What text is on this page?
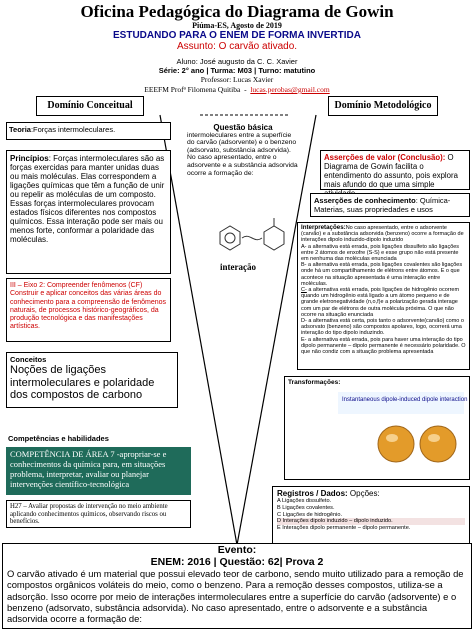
Oficina Pedagógica do Diagrama de Gowin
Piúma-ES, Agosto de 2019
ESTUDANDO PARA O ENEM DE FORMA INVERTIDA
Assunto: O carvão ativado.
Aluno: José augusto da C. C. Xavier
Série: 2° ano | Turma: M03 | Turno: matutino
Professor: Lucas Xavier
EEEFM Profª Filomena Quitiba  -  lucas.perobas@gmail.com
Domínio Conceitual	Domínio Metodológico
Teoria:Forças intermoleculares.
Princípios: Forças intermoleculares são as forças exercidas para manter unidas duas ou mais moléculas. Elas correspondem a ligações químicas que têm a função de unir ou repelir as moléculas de um composto. Essas forças intermoleculares provocam estados físicos diferentes nos compostos químicos. Essa interação pode ser mais ou menos forte, conformar a polaridade das moléculas.
III – Eixo 2: Compreender fenômenos (CF)
Construir e aplicar conceitos das várias áreas do conhecimento para a compreensão de fenômenos naturais, de processos histórico-geográficos, da produção tecnológica e das manifestações artísticas.
Conceitos
Noções de ligações intermoleculares e polaridade dos compostos de carbono
Competências e habilidades
COMPETÊNCIA DE ÁREA 7 -apropriar-se e conhecimentos da química para, em situações problema, interpretar, avaliar ou planejar intervenções científico-tecnológica
H27 – Avaliar propostas de intervenção no meio ambiente aplicando conhecimentos químicos, observando riscos ou benefícios.
Questão básica
intermoleculares entre a superfície do carvão (adsorvente) e o benzeno (adsorvato, substância adsorvida). No caso apresentado, entre o adsorvente e a substância adsorvida ocorre a formação de:
interação
Asserções de valor (Conclusão): O Diagrama de Gowin facilita o entendimento do assunto, pois explora mais afundo do que uma simple
Asserções de conhecimento: Química-Materias, suas propriedades e usos
Interpretações:No caso apresentado, entre o adsorvente (carvão) e a substância adsorvida (benzeno) ocorre a formação de interações dipolo induzido-dipolo induzido
A- a alternativa está errada, pois ligações dissulfeto são ligações entre 2 átomos de enxofre (S-S) e esse grupo não está presente em nenhuma das moléculas enunciada
B- a alternativa está errada, pois ligações covalentes são ligações onde há um compartilhamento de elétrons entre átomos. E o que acontece na situação apresentada é uma interação entre moléculas.
C- a alternativa está errada, pois ligações de hidrogênio ocorrem quando um hidrogênio está ligado a um átomo pequeno e de grande eletronegatividade (n,o,f)e a polarização gerada interage com um par de elétrons de outra molécula próxima. O que não ocorre na situação enunciada
D- a alternativa está certa, pois tanto o adsorvente(carvão) como o adsorvato (benzeno) são compostos apolares, logo, ocorrerá uma interação do tipo dipolo induzindo.
E- a alternativa está errada, pois para haver uma interação do tipo dipolo permanente – dipolo permanente é necessário polaridade. O que não condiz com a situação problema apresentada
Transformações:
Instantaneous dipole-induced dipole interaction
Registros / Dados: Opções:
A Ligações dissulfeto.
B Ligações covalentes.
C Ligações de hidrogênio.
D Interações dipolo induzido – dipolo induzido.
E Interações dipolo permanente – dipolo permanente.
Evento:
ENEM: 2016 | Questão: 62| Prova 2
O carvão ativado é um material que possui elevado teor de carbono, sendo muito utilizado para a remoção de compostos orgânicos voláteis do meio, como o benzeno. Para a remoção desses compostos, utiliza-se a adsorção. Isso ocorre por meio de interações intermoleculares entre a superfície do carvão (adsorvente) e o benzeno (adsorvato, substância adsorvida). No caso apresentado, entre o adsorvente e a substância adsorvida ocorre a formação de:
